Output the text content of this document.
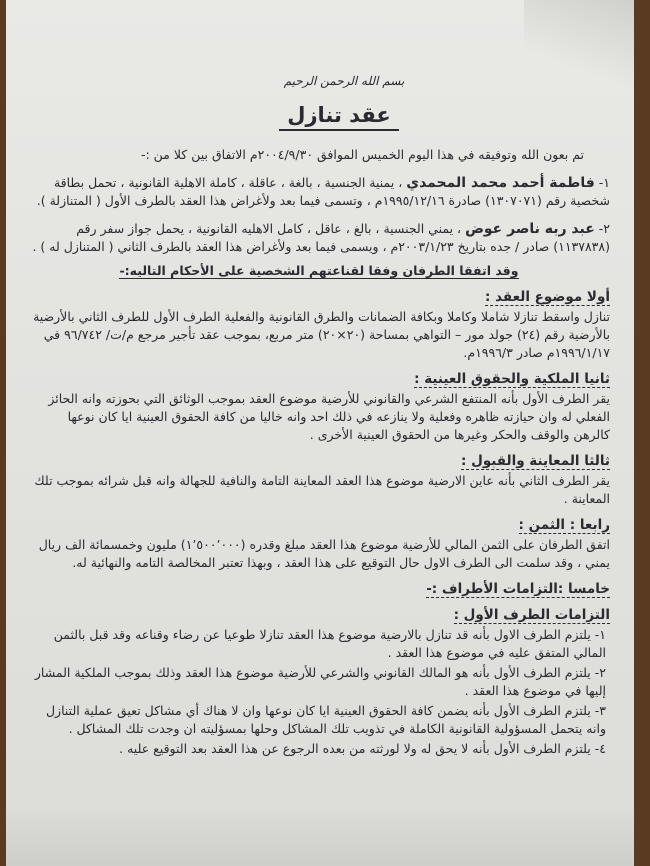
بسم الله الرحمن الرحيم
عقد تنازل
تم بعون الله وتوفيقه في هذا اليوم الخميس الموافق ٢٠٠٤/٩/٣٠م الاتفاق بين كلا من :-
١- فاطمة أحمد محمد المحمدي ، يمنية الجنسية ، بالغة ، عاقلة ، كاملة الاهلية القانونية ، تحمل بطاقة شخصية رقم (١٣٠٧٠٧١) صادرة ١٩٩٥/١٢/١٦م ، وتسمى فيما بعد ولأغراض هذا العقد بالطرف الأول ( المتنازلة ).
٢- عبد ربه ناصر عوض ، يمني الجنسية ، بالغ ، عاقل ، كامل الاهليه القانونية ، يحمل جواز سفر رقم (١١٣٧٨٣٨) صادر / جده بتاريخ ٢٠٠٣/١/٢٣م ، ويسمى فيما بعد ولأغراض هذا العقد بالطرف الثاني ( المتنازل له ) .
وقد اتفقا الطرفان وفقا لقناعتهم الشخصية على الأحكام التاليه:-
أولا موضوع العقد :
تنازل واسقط تنازلا شاملا وكاملا وبكافة الضمانات والطرق القانونية والفعلية الطرف الأول للطرف الثاني بالأرضية بالأرضية رقم (٢٤) جولد مور – التواهي بمساحة (٢٠×٢٠) متر مربع، بموجب عقد تأجير مرجع م/ت/ ٩٦/٧٤٢ في ١٩٩٦/١/١٧م صادر ١٩٩٦/٣م.
ثانيا الملكية والحقوق العينية :
يقر الطرف الأول بأنه المنتفع الشرعي والقانوني للأرضية موضوع العقد بموجب الوثائق التي بحوزته وانه الحائز الفعلي له وان حيازته ظاهره وفعلية ولا ينازعه في ذلك احد وانه خاليا من كافة الحقوق العينية ايا كان نوعها كالرهن والوقف والحكر وغيرها من الحقوق العينية الأخرى .
ثالثا المعاينة والقبول :
يقر الطرف الثاني بأنه عاين الارضية موضوع هذا العقد المعاينة التامة والنافية للجهالة وانه قبل شرائه بموجب تلك المعاينة .
رابعا : الثمن :
اتفق الطرفان على الثمن المالي للأرضية موضوع هذا العقد مبلغ وقدره (١٬٥٠٠٬٠٠٠) مليون وخمسمائة الف ريال يمني ، وقد سلمت الى الطرف الاول حال التوقيع على هذا العقد ، وبهذا تعتبر المخالصة التامه والنهائية له.
خامسا :التزامات الأطراف :-
التزامات الطرف الأول :
١- يلتزم الطرف الاول بأنه قد تنازل بالارضية موضوع هذا العقد تنازلا طوعيا عن رضاء وقناعه وقد قبل بالثمن المالي المتفق عليه في موضوع هذا العقد .
٢- يلتزم الطرف الأول بأنه هو المالك القانوني والشرعي للأرضية موضوع هذا العقد وذلك بموجب الملكية المشار إليها في موضوع هذا العقد .
٣- يلتزم الطرف الأول بأنه يضمن كافة الحقوق العينية ايا كان نوعها وان لا هناك أي مشاكل تعيق عملية التنازل وانه يتحمل المسؤولية القانونية الكاملة في تذويب تلك المشاكل وحلها بمسؤليته ان وجدت تلك المشاكل .
٤- يلتزم الطرف الأول بأنه لا يحق له ولا لورثته من بعده الرجوع عن هذا العقد بعد التوقيع عليه .
